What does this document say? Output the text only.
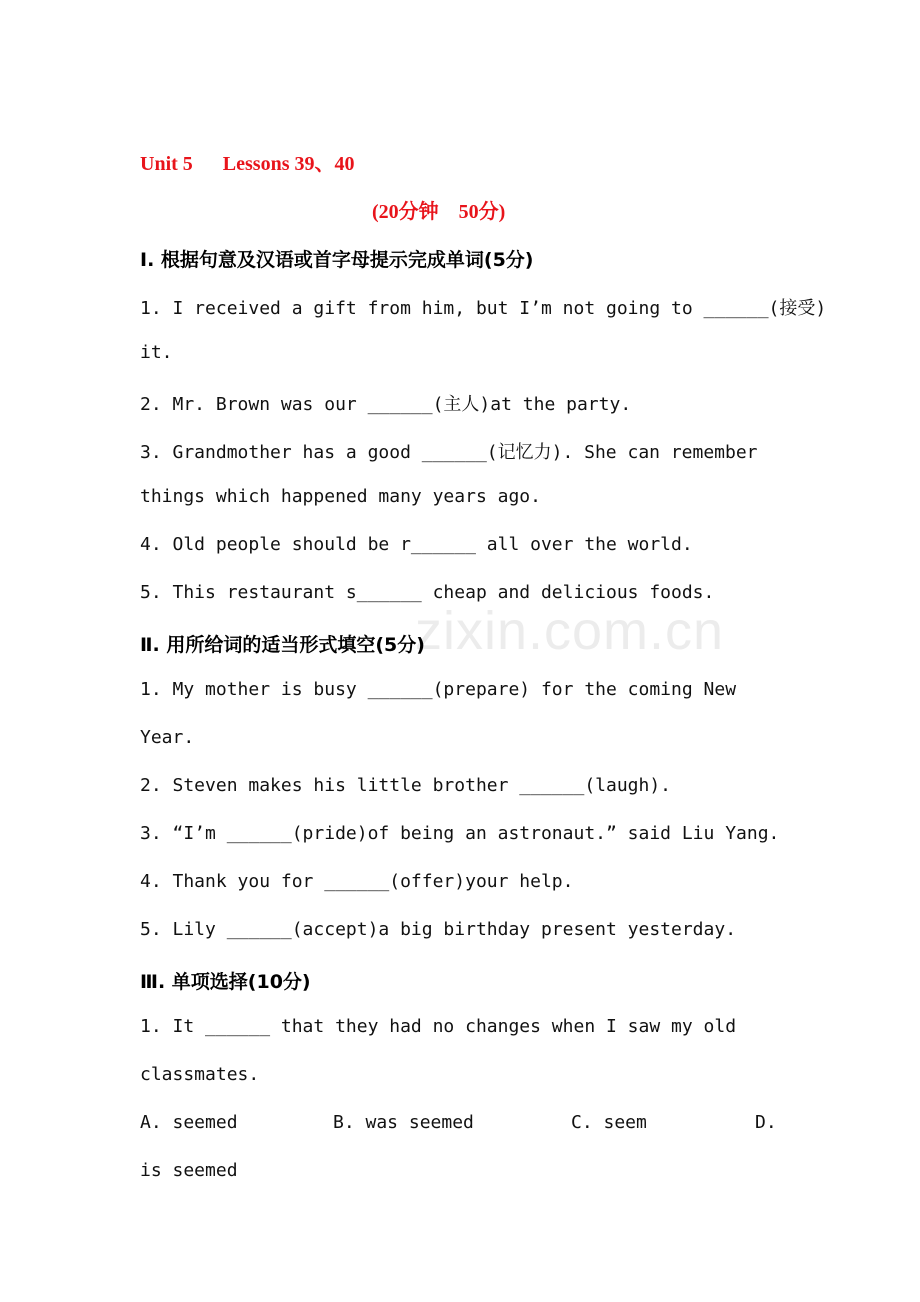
zixin.com.cn
Unit 5      Lessons 39、40
(20分钟    50分)
Ⅰ. 根据句意及汉语或首字母提示完成单词(5分)
1. I received a gift from him, but I’m not going to ______(接受)
it.
2. Mr. Brown was our ______(主人)at the party.
3. Grandmother has a good ______(记忆力). She can remember
things which happened many years ago.
4. Old people should be r______ all over the world.
5. This restaurant s______ cheap and delicious foods.
Ⅱ. 用所给词的适当形式填空(5分)
1. My mother is busy ______(prepare) for the coming New
Year.
2. Steven makes his little brother ______(laugh).
3. “I’m ______(pride)of being an astronaut.” said Liu Yang.
4. Thank you for ______(offer)your help.
5. Lily ______(accept)a big birthday present yesterday.
Ⅲ. 单项选择(10分)
1. It ______ that they had no changes when I saw my old
classmates.
A. seemed	B. was seemed	C. seem	D.
is seemed
